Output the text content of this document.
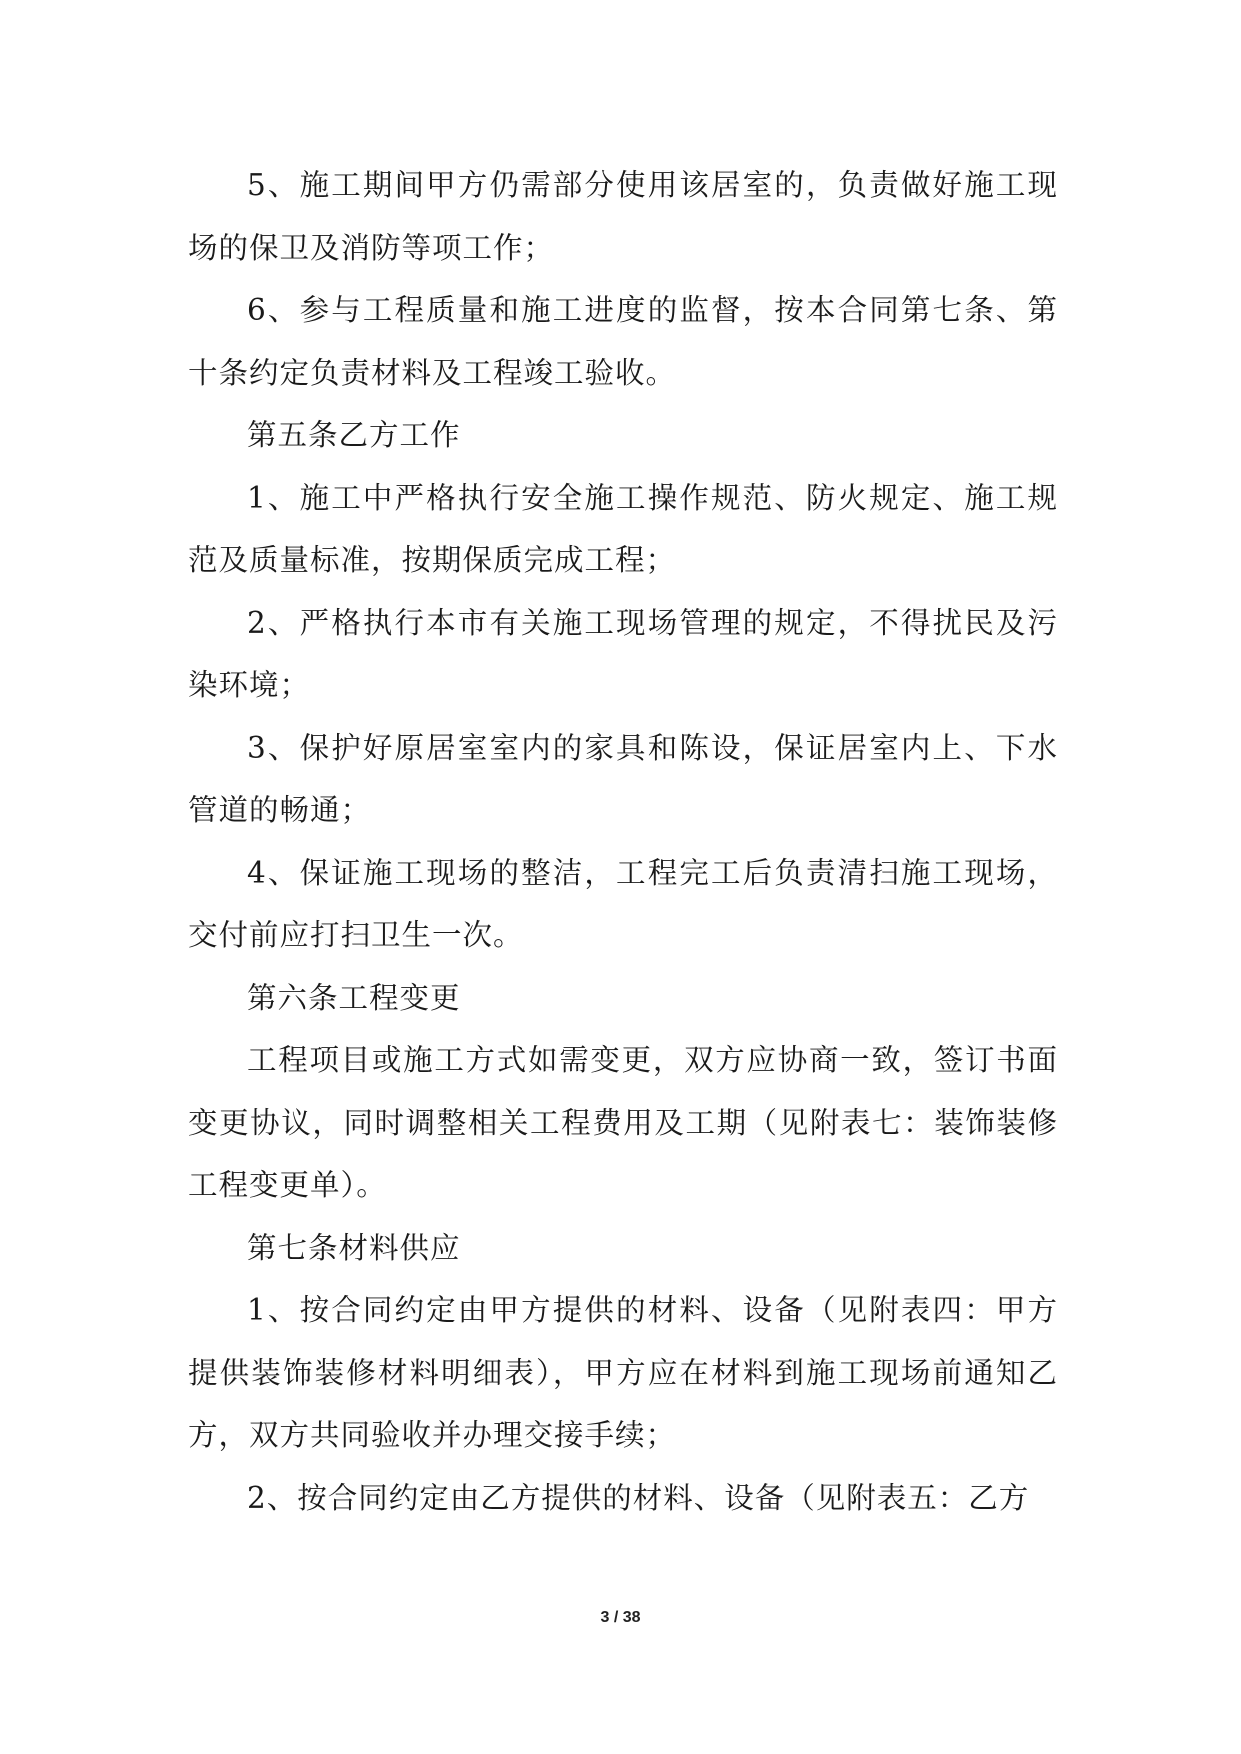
5、施工期间甲方仍需部分使用该居室的，负责做好施工现场的保卫及消防等项工作；

6、参与工程质量和施工进度的监督，按本合同第七条、第十条约定负责材料及工程竣工验收。

第五条乙方工作

1、施工中严格执行安全施工操作规范、防火规定、施工规范及质量标准，按期保质完成工程；

2、严格执行本市有关施工现场管理的规定，不得扰民及污染环境；

3、保护好原居室室内的家具和陈设，保证居室内上、下水管道的畅通；

4、保证施工现场的整洁，工程完工后负责清扫施工现场，交付前应打扫卫生一次。

第六条工程变更

工程项目或施工方式如需变更，双方应协商一致，签订书面变更协议，同时调整相关工程费用及工期（见附表七：装饰装修工程变更单）。

第七条材料供应

1、按合同约定由甲方提供的材料、设备（见附表四：甲方提供装饰装修材料明细表），甲方应在材料到施工现场前通知乙方，双方共同验收并办理交接手续；

2、按合同约定由乙方提供的材料、设备（见附表五：乙方

3 / 38
